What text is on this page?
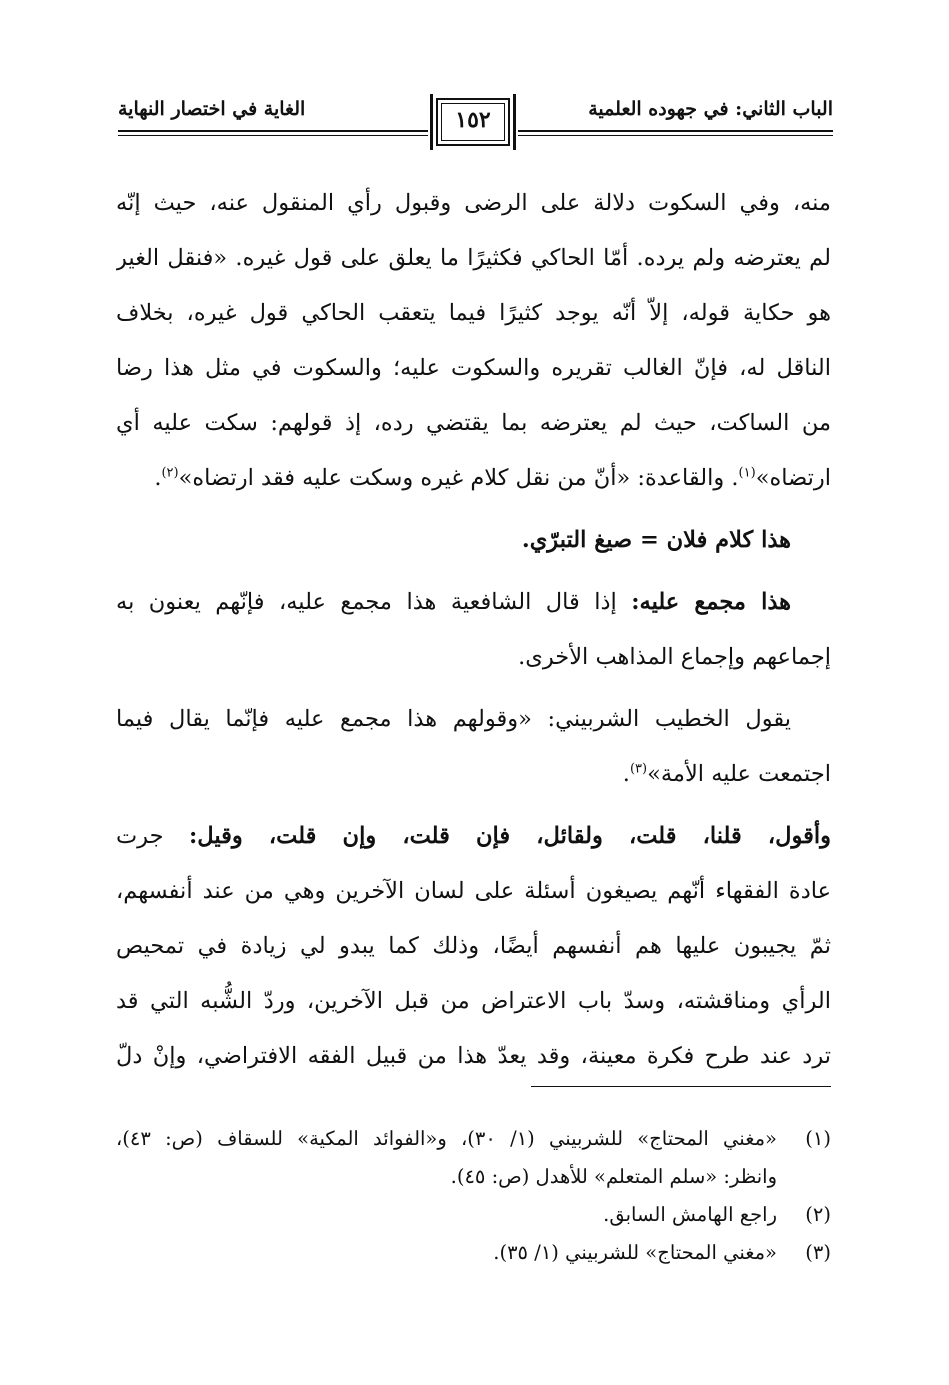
الباب الثاني: في جهوده العلمية
الغاية في اختصار النهاية	١٥٢
منه، وفي السكوت دلالة على الرضى وقبول رأي المنقول عنه، حيث إنّه
لم يعترضه ولم يرده. أمّا الحاكي فكثيرًا ما يعلق على قول غيره. «فنقل الغير
هو حكاية قوله، إلاّ أنّه يوجد كثيرًا فيما يتعقب الحاكي قول غيره، بخلاف
الناقل له، فإنّ الغالب تقريره والسكوت عليه؛ والسكوت في مثل هذا رضا
من الساكت، حيث لم يعترضه بما يقتضي رده، إذ قولهم: سكت عليه أي
ارتضاه»$^{(١)}$. والقاعدة: «أنّ من نقل كلام غيره وسكت عليه فقد ارتضاه»$^{(٢)}$.
هذا كلام فلان = صيغ التبرّي.
هذا مجمع عليه: إذا قال الشافعية هذا مجمع عليه، فإنّهم يعنون به
إجماعهم وإجماع المذاهب الأخرى.
يقول الخطيب الشربيني: «وقولهم هذا مجمع عليه فإنّما يقال فيما
اجتمعت عليه الأمة»$^{(٣)}$.
وأقول، قلنا، قلت، ولقائل، فإن قلت، وإن قلت، وقيل: جرت
عادة الفقهاء أنّهم يصيغون أسئلة على لسان الآخرين وهي من عند أنفسهم،
ثمّ يجيبون عليها هم أنفسهم أيضًا، وذلك كما يبدو لي زيادة في تمحيص
الرأي ومناقشته، وسدّ باب الاعتراض من قبل الآخرين، وردّ الشُّبه التي قد
ترد عند طرح فكرة معينة، وقد يعدّ هذا من قبيل الفقه الافتراضي، وإنْ دلّ
(١)
«مغني المحتاج» للشربيني (١/ ٣٠)، و«الفوائد المكية» للسقاف (ص: ٤٣)،
وانظر: «سلم المتعلم» للأهدل (ص: ٤٥).
(٢)
راجع الهامش السابق.
(٣)
«مغني المحتاج» للشربيني (١/ ٣٥).
